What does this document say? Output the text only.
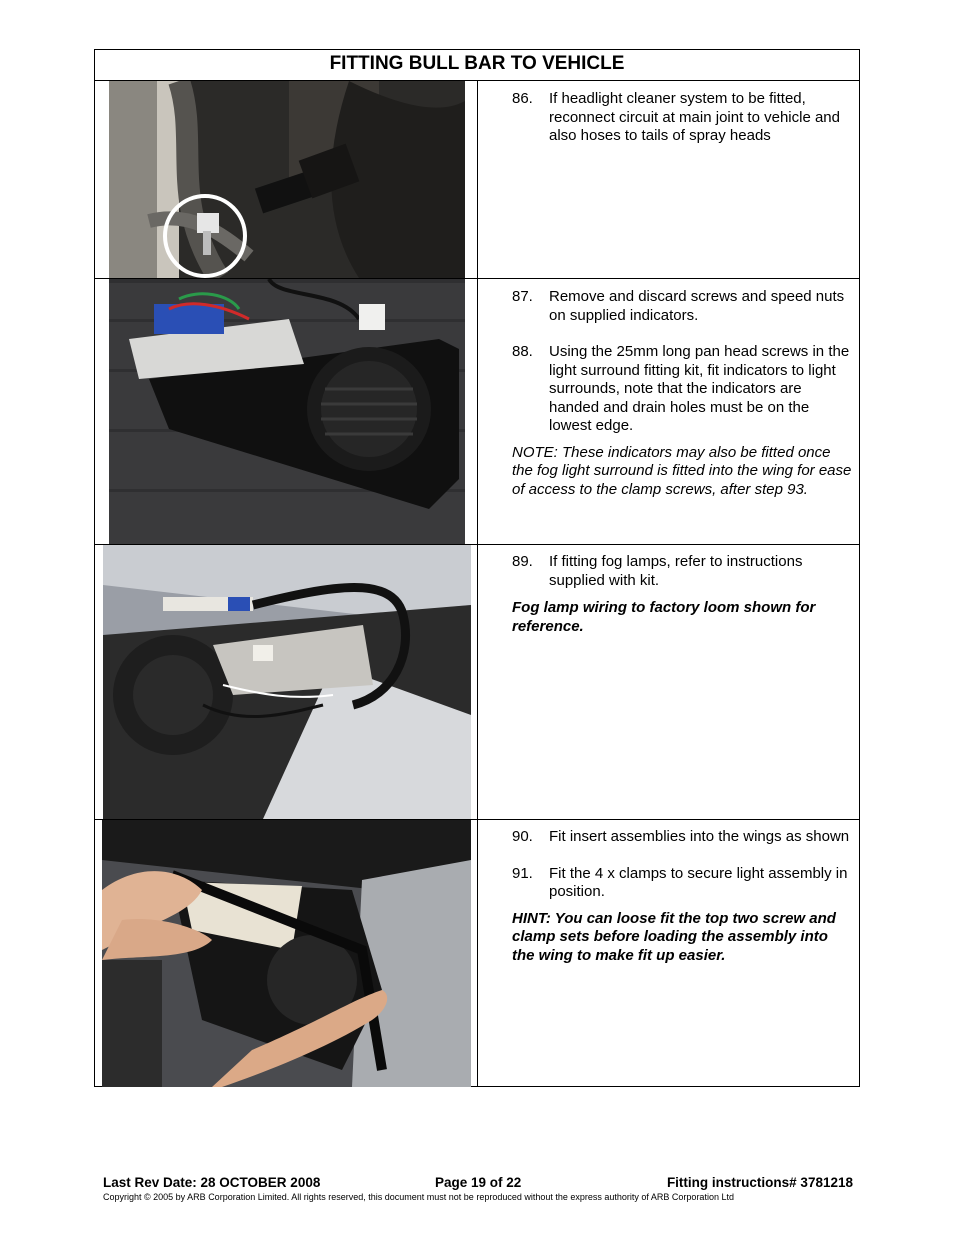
FITTING BULL BAR TO VEHICLE

86. If headlight cleaner system to be fitted, reconnect circuit at main joint to vehicle and also hoses to tails of spray heads

87. Remove and discard screws and speed nuts on supplied indicators.

88. Using the 25mm long pan head screws in the light surround fitting kit, fit indicators to light surrounds, note that the indicators are handed and drain holes must be on the lowest edge.

NOTE: These indicators may also be fitted once the fog light surround is fitted into the wing for ease of access to the clamp screws, after step 93.

89. If fitting fog lamps, refer to instructions supplied with kit.

Fog lamp wiring to factory loom shown for reference.

90. Fit insert assemblies into the wings as shown

91. Fit the 4 x clamps to secure light assembly in position.

HINT: You can loose fit the top two screw and clamp sets before loading the assembly into the wing to make fit up easier.

Last Rev Date: 28 OCTOBER 2008	Page 19 of 22	Fitting instructions# 3781218
Copyright © 2005 by ARB Corporation Limited. All rights reserved, this document must not be reproduced without the express authority of ARB Corporation Ltd
